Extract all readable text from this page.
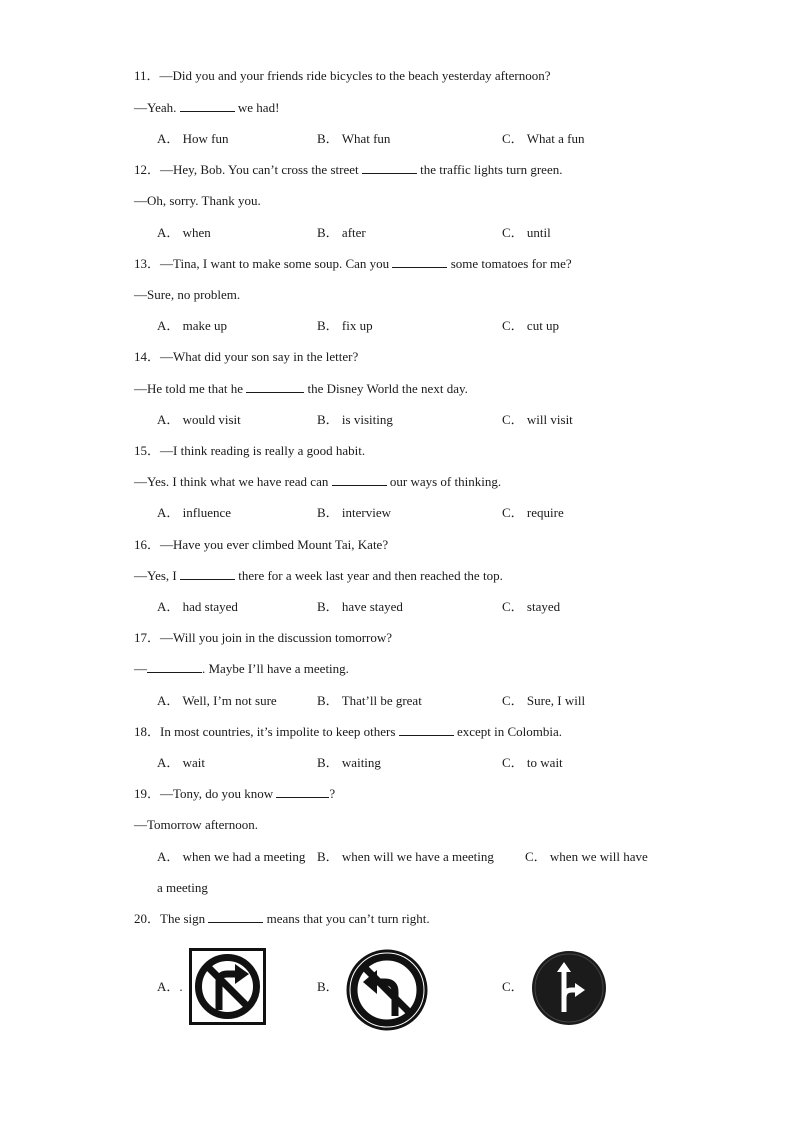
11．—Did you and your friends ride bicycles to the beach yesterday afternoon?
—Yeah.	we had!
A． How fun	B． What fun	C． What a fun
12．—Hey, Bob. You can’t cross the street	the traffic lights turn green.
—Oh, sorry. Thank you.
A． when	B． after	C． until
13．—Tina, I want to make some soup. Can you	some tomatoes for me?
—Sure, no problem.
A． make up	B． fix up	C． cut up
14．—What did your son say in the letter?
—He told me that he	the Disney World the next day.
A． would visit	B． is visiting	C． will visit
15．—I think reading is really a good habit.
—Yes. I think what we have read can	our ways of thinking.
A． influence	B． interview	C． require
16．—Have you ever climbed Mount Tai, Kate?
—Yes, I	there for a week last year and then reached the top.
A． had stayed	B． have stayed	C． stayed
17．—Will you join in the discussion tomorrow?
—	. Maybe I’ll have a meeting.
A． Well, I’m not sure	B． That’ll be great	C． Sure, I will
18．In most countries, it’s impolite to keep others	except in Colombia.
A． wait	B． waiting	C． to wait
19．—Tony, do you know	?
—Tomorrow afternoon.
A． when we had a meeting B． when will we have a meeting C． when we will have
a meeting
20．The sign	means that you can’t turn right.
A．.	B．	C．
